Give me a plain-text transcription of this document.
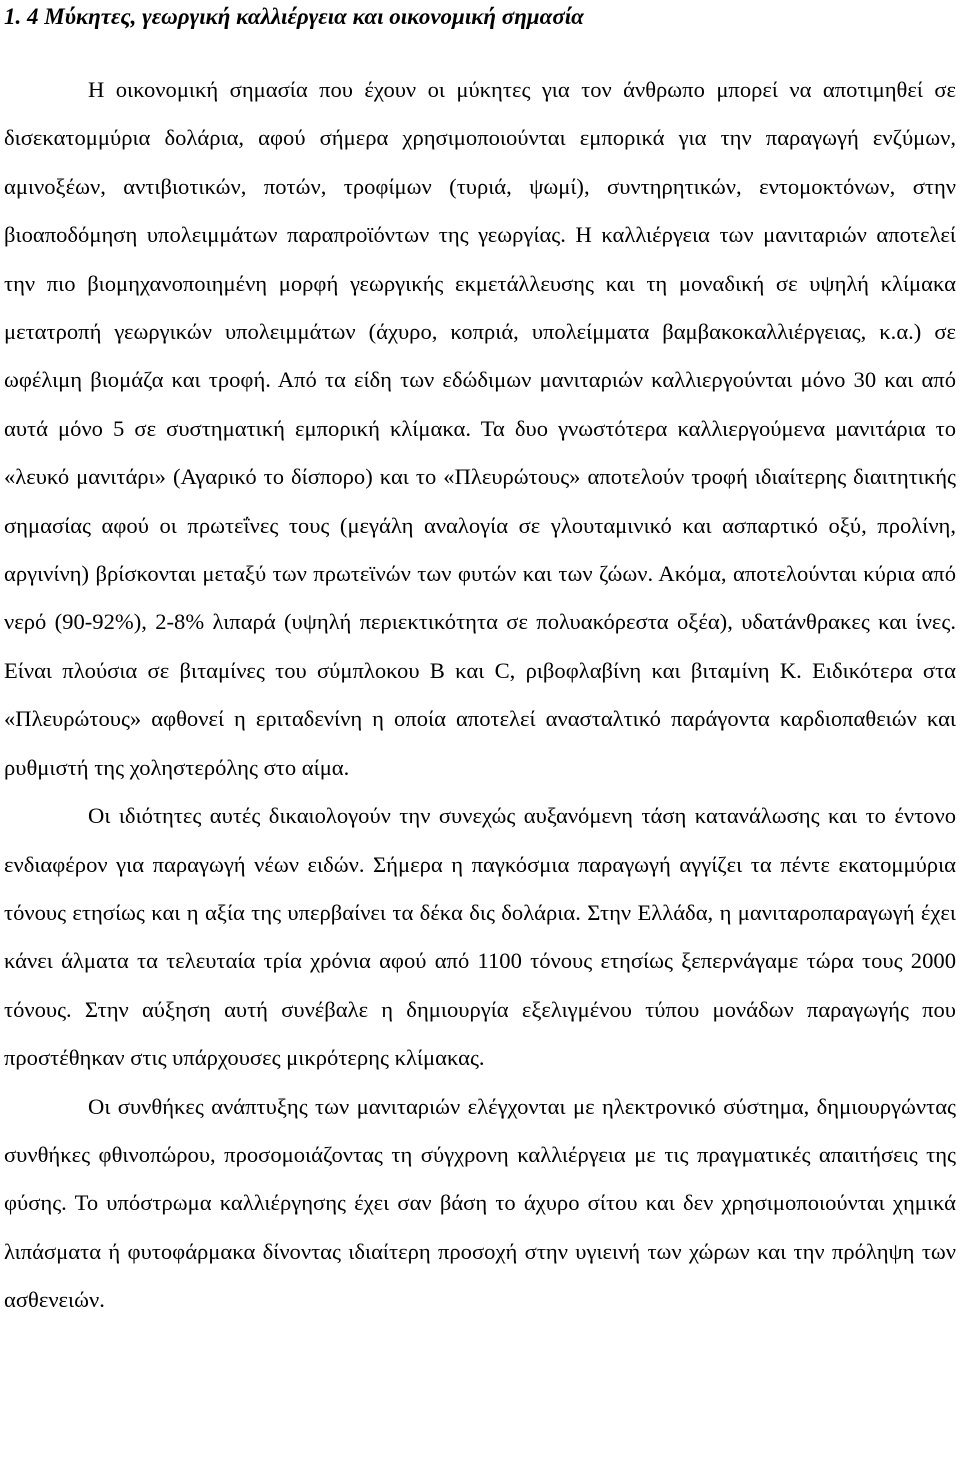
1. 4 Μύκητες, γεωργική καλλιέργεια και οικονομική σημασία

Η οικονομική σημασία που έχουν οι μύκητες για τον άνθρωπο μπορεί να αποτιμηθεί σε δισεκατομμύρια δολάρια, αφού σήμερα χρησιμοποιούνται εμπορικά για την παραγωγή ενζύμων, αμινοξέων, αντιβιοτικών, ποτών, τροφίμων (τυριά, ψωμί), συντηρητικών, εντομοκτόνων, στην βιοαποδόμηση υπολειμμάτων παραπροϊόντων της γεωργίας. Η καλλιέργεια των μανιταριών αποτελεί την πιο βιομηχανοποιημένη μορφή γεωργικής εκμετάλλευσης και τη μοναδική σε υψηλή κλίμακα μετατροπή γεωργικών υπολειμμάτων (άχυρο, κοπριά, υπολείμματα βαμβακοκαλλιέργειας, κ.α.) σε ωφέλιμη βιομάζα και τροφή. Από τα είδη των εδώδιμων μανιταριών καλλιεργούνται μόνο 30 και από αυτά μόνο 5 σε συστηματική εμπορική κλίμακα. Τα δυο γνωστότερα καλλιεργούμενα μανιτάρια το «λευκό μανιτάρι» (Αγαρικό το δίσπορο) και το «Πλευρώτους» αποτελούν τροφή ιδιαίτερης διαιτητικής σημασίας αφού οι πρωτεΐνες τους (μεγάλη αναλογία σε γλουταμινικό και ασπαρτικό οξύ, προλίνη, αργινίνη) βρίσκονται μεταξύ των πρωτεϊνών των φυτών και των ζώων. Ακόμα, αποτελούνται κύρια από νερό (90-92%), 2-8% λιπαρά (υψηλή περιεκτικότητα σε πολυακόρεστα οξέα), υδατάνθρακες και ίνες. Είναι πλούσια σε βιταμίνες του σύμπλοκου Β και C, ριβοφλαβίνη και βιταμίνη Κ. Ειδικότερα στα «Πλευρώτους» αφθονεί η εριταδενίνη η οποία αποτελεί ανασταλτικό παράγοντα καρδιοπαθειών και ρυθμιστή της χοληστερόλης στο αίμα.

Οι ιδιότητες αυτές δικαιολογούν την συνεχώς αυξανόμενη τάση κατανάλωσης και το έντονο ενδιαφέρον για παραγωγή νέων ειδών. Σήμερα η παγκόσμια παραγωγή αγγίζει τα πέντε εκατομμύρια τόνους ετησίως και η αξία της υπερβαίνει τα δέκα δις δολάρια. Στην Ελλάδα, η μανιταροπαραγωγή έχει κάνει άλματα τα τελευταία τρία χρόνια αφού από 1100 τόνους ετησίως ξεπερνάγαμε τώρα τους 2000 τόνους. Στην αύξηση αυτή συνέβαλε η δημιουργία εξελιγμένου τύπου μονάδων παραγωγής που προστέθηκαν στις υπάρχουσες μικρότερης κλίμακας.

Οι συνθήκες ανάπτυξης των μανιταριών ελέγχονται με ηλεκτρονικό σύστημα, δημιουργώντας συνθήκες φθινοπώρου, προσομοιάζοντας τη σύγχρονη καλλιέργεια με τις πραγματικές απαιτήσεις της φύσης. Το υπόστρωμα καλλιέργησης έχει σαν βάση το άχυρο σίτου και δεν χρησιμοποιούνται χημικά λιπάσματα ή φυτοφάρμακα δίνοντας ιδιαίτερη προσοχή στην υγιεινή των χώρων και την πρόληψη των ασθενειών.
